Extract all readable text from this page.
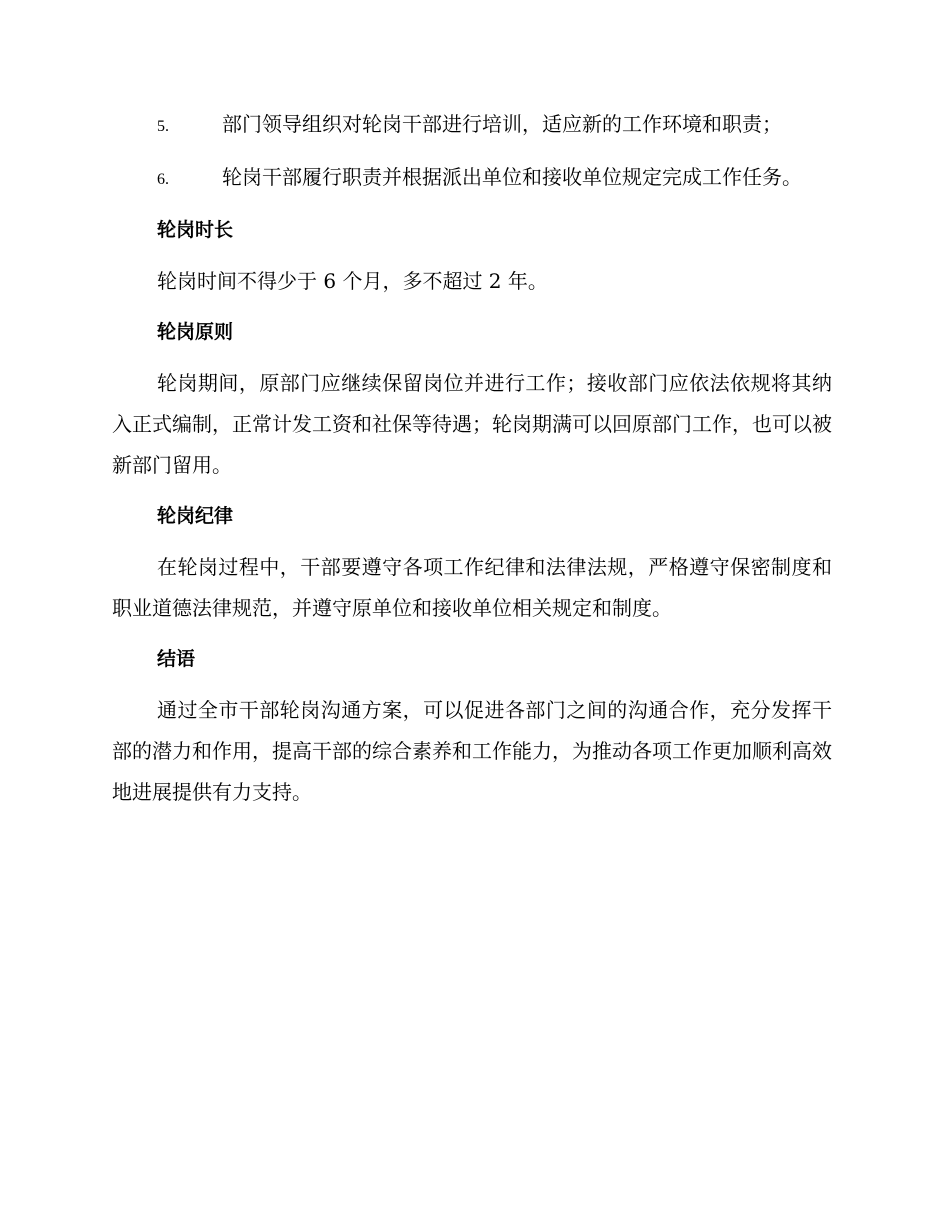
5.	部门领导组织对轮岗干部进行培训，适应新的工作环境和职责；
6.	轮岗干部履行职责并根据派出单位和接收单位规定完成工作任务。
轮岗时长
轮岗时间不得少于 6 个月，多不超过 2 年。
轮岗原则
轮岗期间，原部门应继续保留岗位并进行工作；接收部门应依法依规将其纳入正式编制，正常计发工资和社保等待遇；轮岗期满可以回原部门工作，也可以被新部门留用。
轮岗纪律
在轮岗过程中，干部要遵守各项工作纪律和法律法规，严格遵守保密制度和职业道德法律规范，并遵守原单位和接收单位相关规定和制度。
结语
通过全市干部轮岗沟通方案，可以促进各部门之间的沟通合作，充分发挥干部的潜力和作用，提高干部的综合素养和工作能力，为推动各项工作更加顺利高效地进展提供有力支持。
